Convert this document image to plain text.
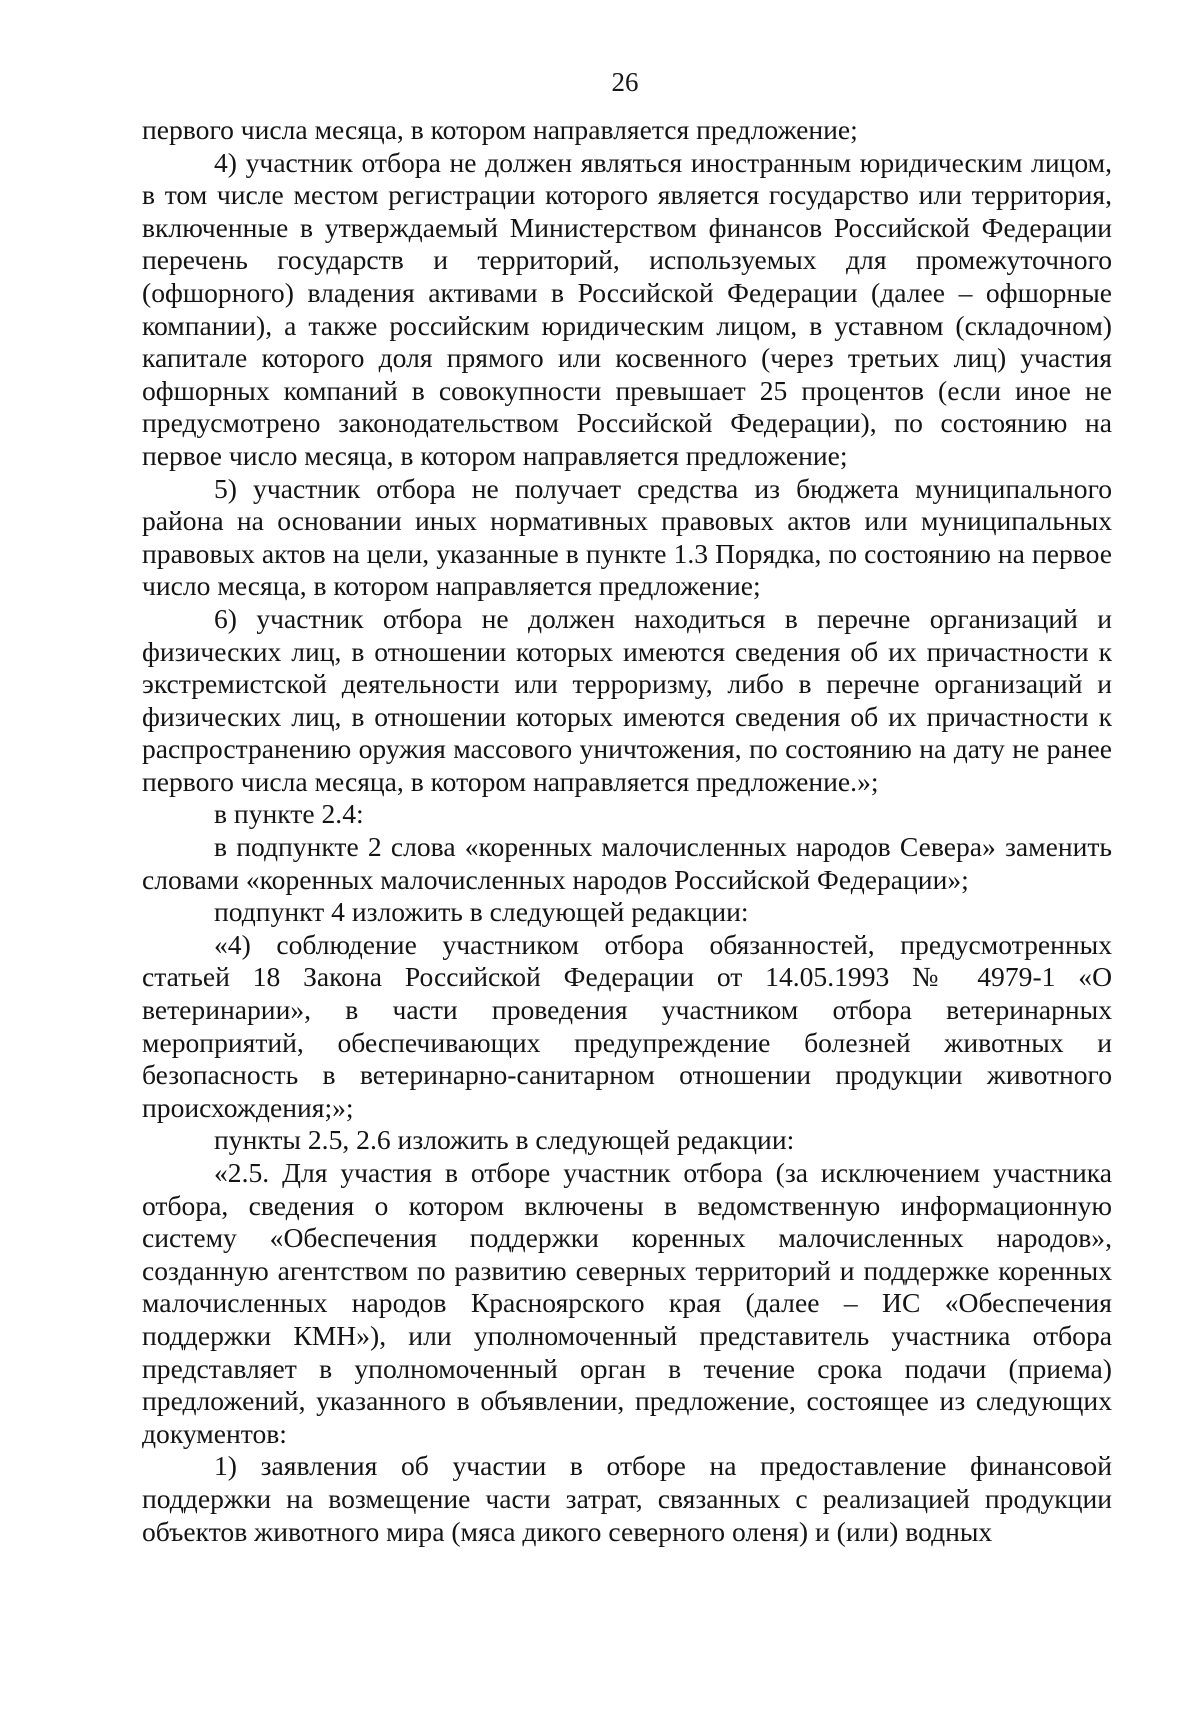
26

первого числа месяца, в котором направляется предложение;

4) участник отбора не должен являться иностранным юридическим лицом, в том числе местом регистрации которого является государство или территория, включенные в утверждаемый Министерством финансов Российской Федерации перечень государств и территорий, используемых для промежуточного (офшорного) владения активами в Российской Федерации (далее – офшорные компании), а также российским юридическим лицом, в уставном (складочном) капитале которого доля прямого или косвенного (через третьих лиц) участия офшорных компаний в совокупности превышает 25 процентов (если иное не предусмотрено законодательством Российской Федерации), по состоянию на первое число месяца, в котором направляется предложение;

5) участник отбора не получает средства из бюджета муниципального района на основании иных нормативных правовых актов или муниципальных правовых актов на цели, указанные в пункте 1.3 Порядка, по состоянию на первое число месяца, в котором направляется предложение;

6) участник отбора не должен находиться в перечне организаций и физических лиц, в отношении которых имеются сведения об их причастности к экстремистской деятельности или терроризму, либо в перечне организаций и физических лиц, в отношении которых имеются сведения об их причастности к распространению оружия массового уничтожения, по состоянию на дату не ранее первого числа месяца, в котором направляется предложение.»;

в пункте 2.4:

в подпункте 2 слова «коренных малочисленных народов Севера» заменить словами «коренных малочисленных народов Российской Федерации»;

подпункт 4 изложить в следующей редакции:

«4) соблюдение участником отбора обязанностей, предусмотренных статьей 18 Закона Российской Федерации от 14.05.1993 № 4979-1 «О ветеринарии», в части проведения участником отбора ветеринарных мероприятий, обеспечивающих предупреждение болезней животных и безопасность в ветеринарно-санитарном отношении продукции животного происхождения;»;

пункты 2.5, 2.6 изложить в следующей редакции:

«2.5. Для участия в отборе участник отбора (за исключением участника отбора, сведения о котором включены в ведомственную информационную систему «Обеспечения поддержки коренных малочисленных народов», созданную агентством по развитию северных территорий и поддержке коренных малочисленных народов Красноярского края (далее – ИС «Обеспечения поддержки КМН»), или уполномоченный представитель участника отбора представляет в уполномоченный орган в течение срока подачи (приема) предложений, указанного в объявлении, предложение, состоящее из следующих документов:

1) заявления об участии в отборе на предоставление финансовой поддержки на возмещение части затрат, связанных с реализацией продукции объектов животного мира (мяса дикого северного оленя) и (или) водных
